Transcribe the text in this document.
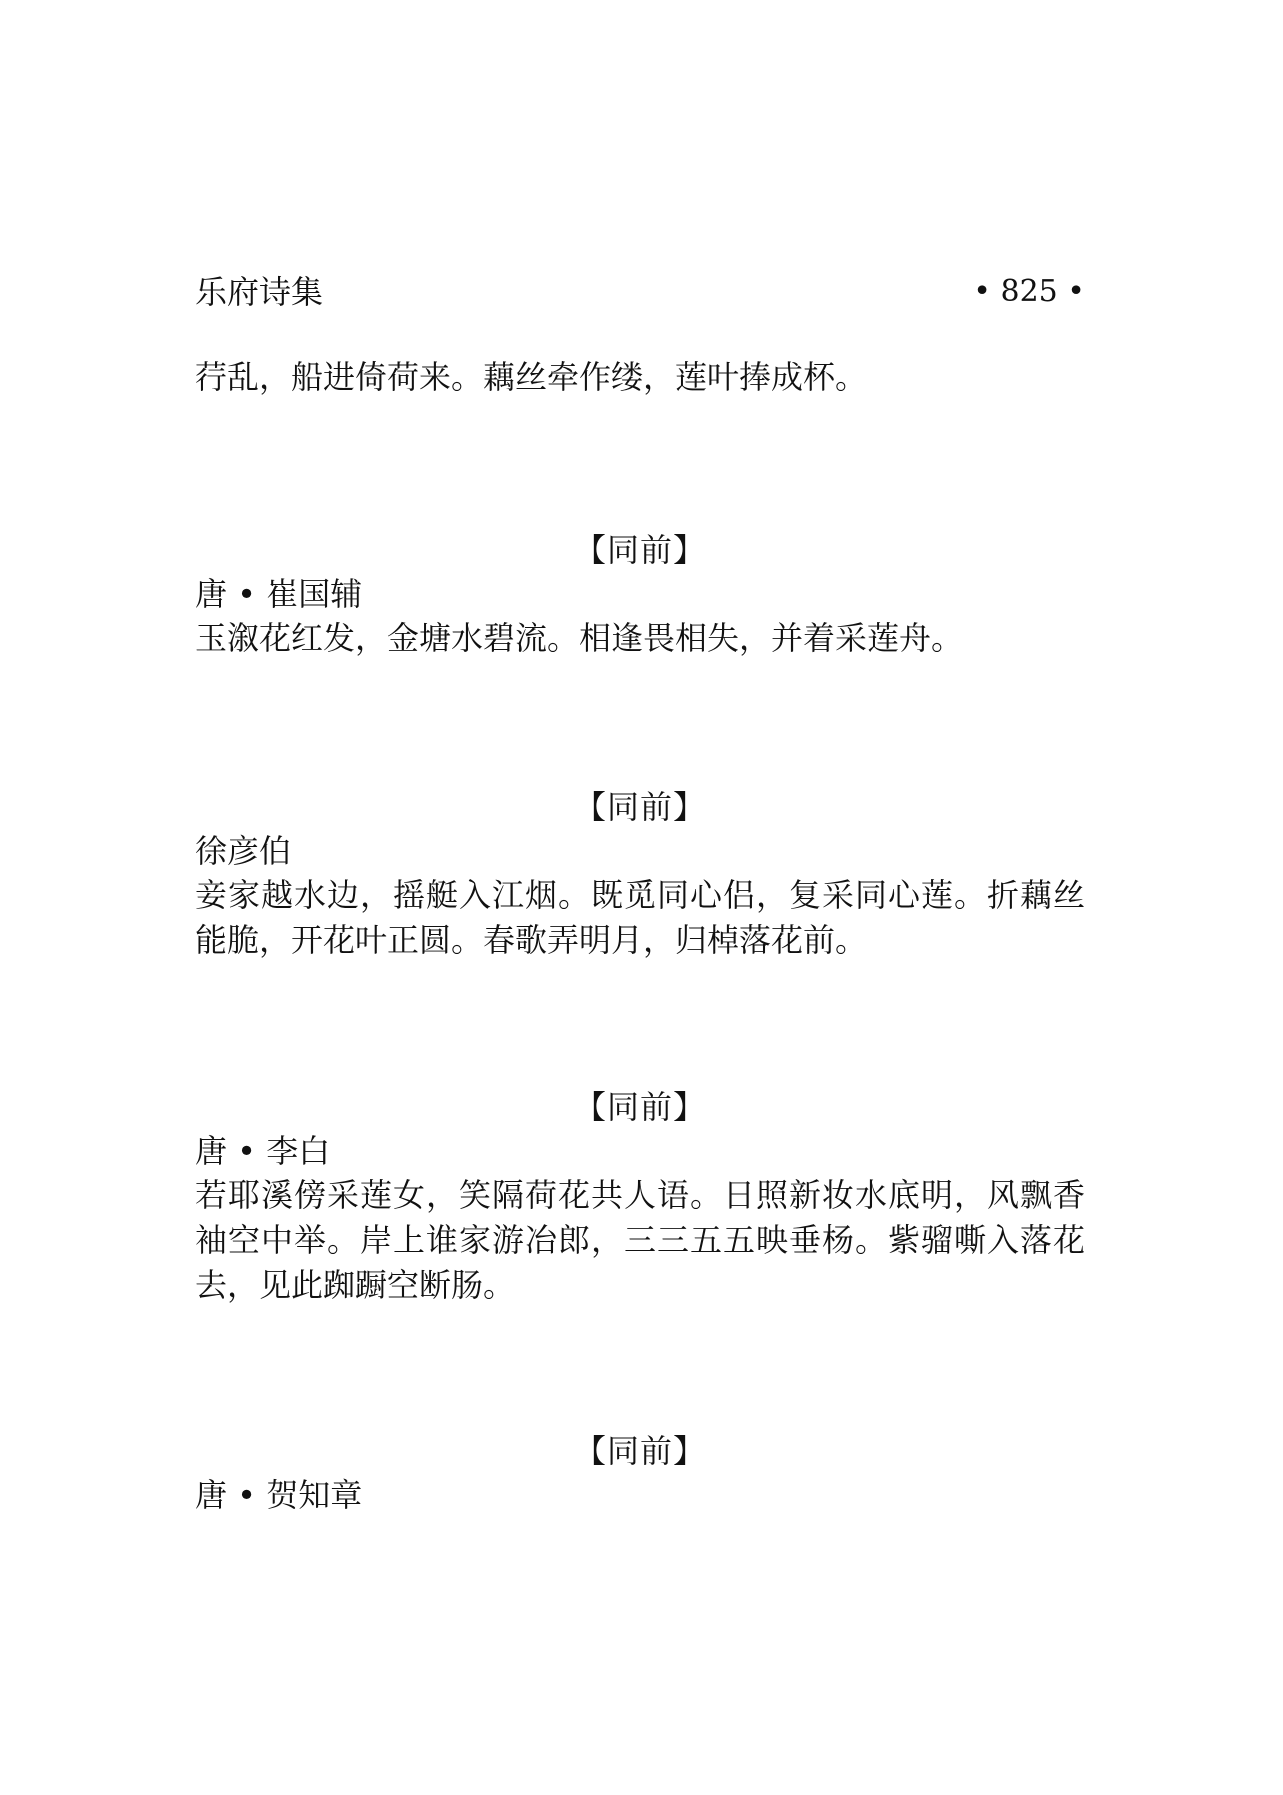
乐府诗集	• 825 •

荇乱，船进倚荷来。藕丝牵作缕，莲叶捧成杯。

【同前】

唐 • 崔国辅

玉溆花红发，金塘水碧流。相逢畏相失，并着采莲舟。

【同前】

徐彦伯

妾家越水边，摇艇入江烟。既觅同心侣，复采同心莲。折藕丝能脆，开花叶正圆。春歌弄明月，归棹落花前。

【同前】

唐 • 李白

若耶溪傍采莲女，笑隔荷花共人语。日照新妆水底明，风飘香袖空中举。岸上谁家游冶郎，三三五五映垂杨。紫骝嘶入落花去，见此踟蹰空断肠。

【同前】

唐 • 贺知章
